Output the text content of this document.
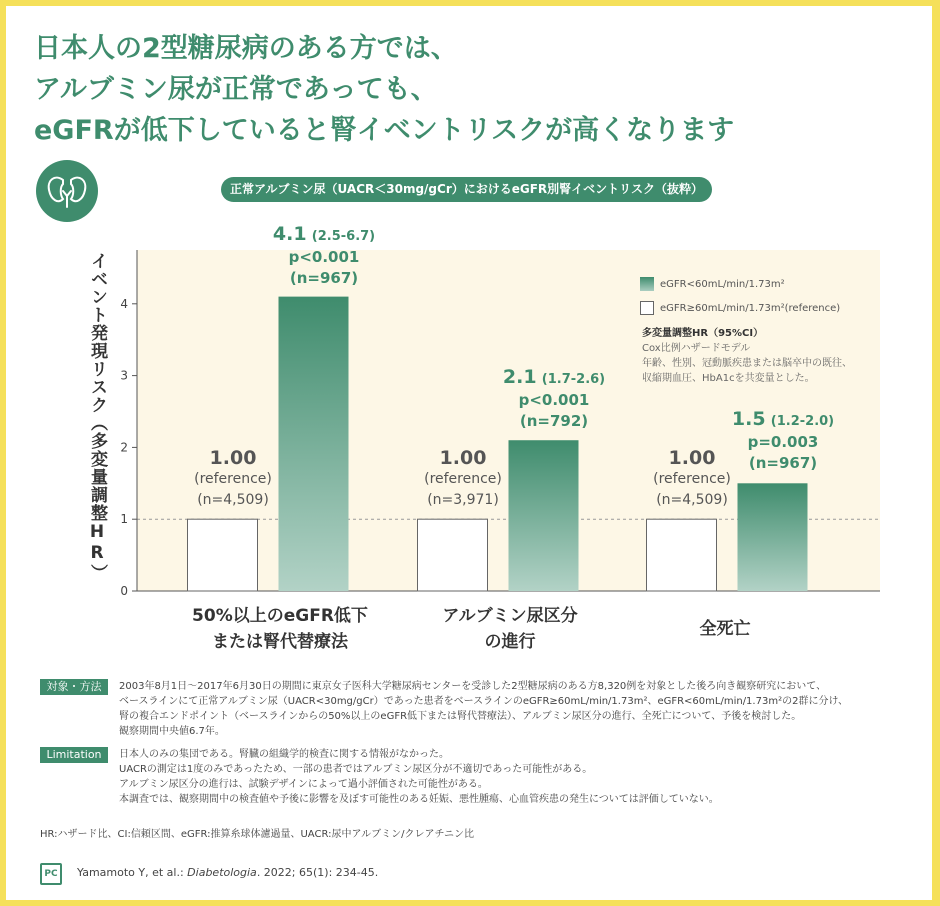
日本人の2型糖尿病のある方では、
アルブミン尿が正常であっても、
eGFRが低下していると腎イベントリスクが高くなります
正常アルブミン尿（UACR＜30mg/gCr）におけるeGFR別腎イベントリスク（抜粋）
0
1
2
3
4
イベント発現リスク（多変量調整HR）	eGFR<60mL/min/1.73m²
eGFR≥60mL/min/1.73m²(reference)
多変量調整HR（95%CI）
Cox比例ハザードモデル
年齢、性別、冠動脈疾患または脳卒中の既往、
収縮期血圧、HbA1cを共変量とした。
1.00
(reference)
(n=4,509)
1.00
(reference)
(n=3,971)
1.00
(reference)
(n=4,509)
4.1 (2.5-6.7)
p<0.001
(n=967)
2.1 (1.7-2.6)
p<0.001
(n=792)	1.5 (1.2-2.0)
p=0.003
(n=967)
50%以上のeGFR低下
または腎代替療法
アルブミン尿区分
の進行
全死亡
対象・方法	2003年8月1日～2017年6月30日の期間に東京女子医科大学糖尿病センターを受診した2型糖尿病のある方8,320例を対象とした後ろ向き観察研究において、
ベースラインにて正常アルブミン尿（UACR<30mg/gCr）であった患者をベースラインのeGFR≥60mL/min/1.73m²、eGFR<60mL/min/1.73m²の2群に分け、
腎の複合エンドポイント（ベースラインからの50%以上のeGFR低下または腎代替療法）、アルブミン尿区分の進行、全死亡について、予後を検討した。
観察期間中央値6.7年。
Limitation	日本人のみの集団である。腎臓の組織学的検査に関する情報がなかった。
UACRの測定は1度のみであったため、一部の患者ではアルブミン尿区分が不適切であった可能性がある。
アルブミン尿区分の進行は、試験デザインによって過小評価された可能性がある。
本調査では、観察期間中の検査値や予後に影響を及ぼす可能性のある妊娠、悪性腫瘍、心血管疾患の発生については評価していない。
HR:ハザード比、CI:信頼区間、eGFR:推算糸球体濾過量、UACR:尿中アルブミン/クレアチニン比
PC	Yamamoto Y, et al.: Diabetologia. 2022; 65(1): 234-45.
